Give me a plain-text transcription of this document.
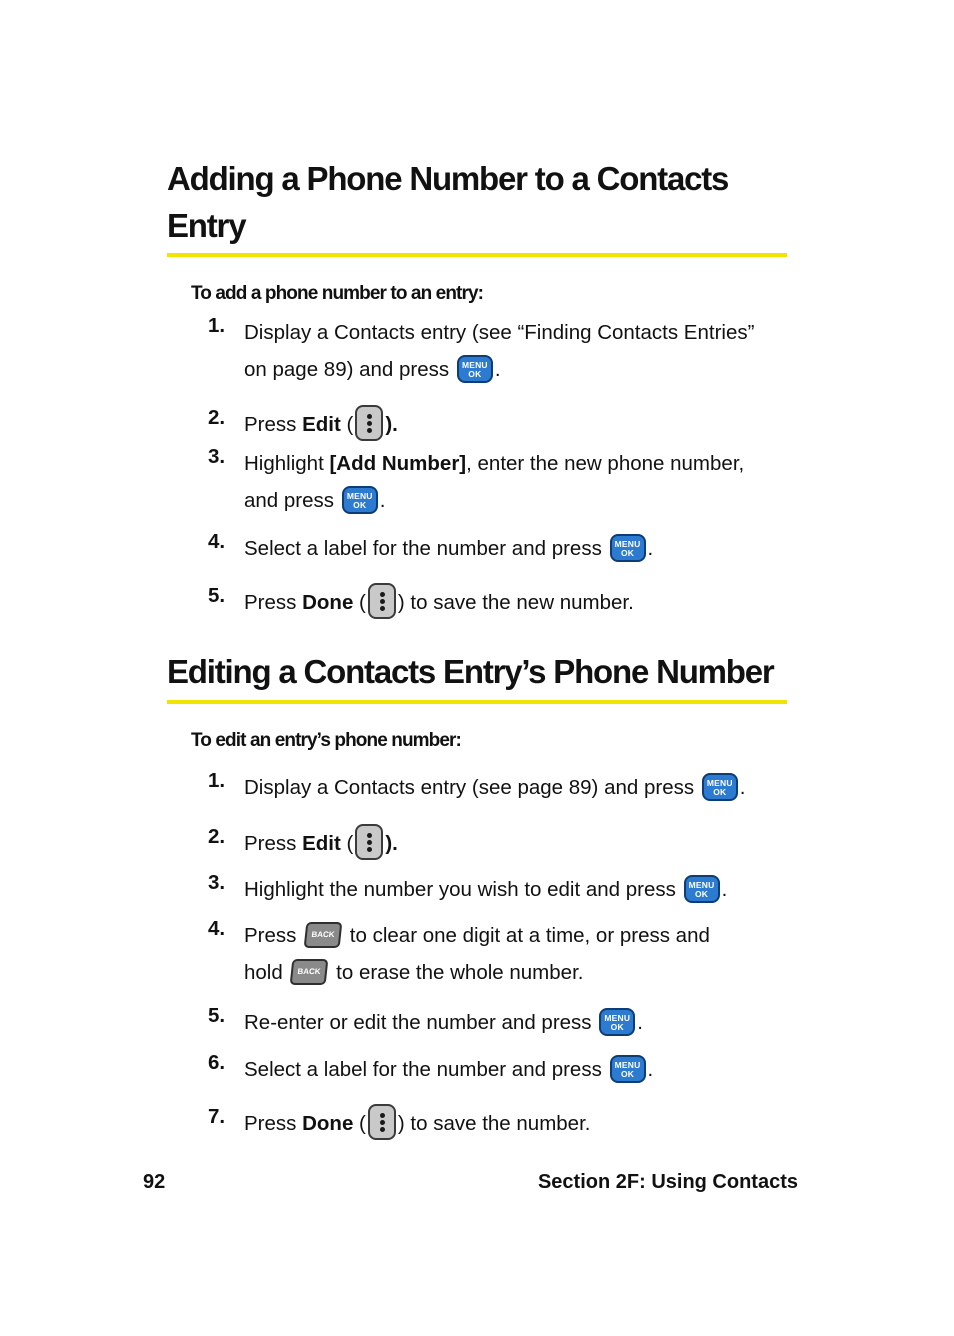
Adding a Phone Number to a Contacts Entry

To add a phone number to an entry:

1. Display a Contacts entry (see “Finding Contacts Entries”
on page 89) and press MENU
OK .
2. Press Edit ( ).
3. Highlight [Add Number], enter the new phone number,
and press MENU
OK .
4. Select a label for the number and press MENU
OK .
5. Press Done ( ) to save the new number.
Editing a Contacts Entry’s Phone Number

To edit an entry’s phone number:

1. Display a Contacts entry (see page 89) and press MENU
OK .
2. Press Edit ( ).
3. Highlight the number you wish to edit and press MENU
OK .
4. Press BACK to clear one digit at a time, or press and
hold BACK to erase the whole number.
5. Re-enter or edit the number and press MENU
OK .
6. Select a label for the number and press MENU
OK .
7. Press Done ( ) to save the number.
92	Section 2F: Using Contacts
